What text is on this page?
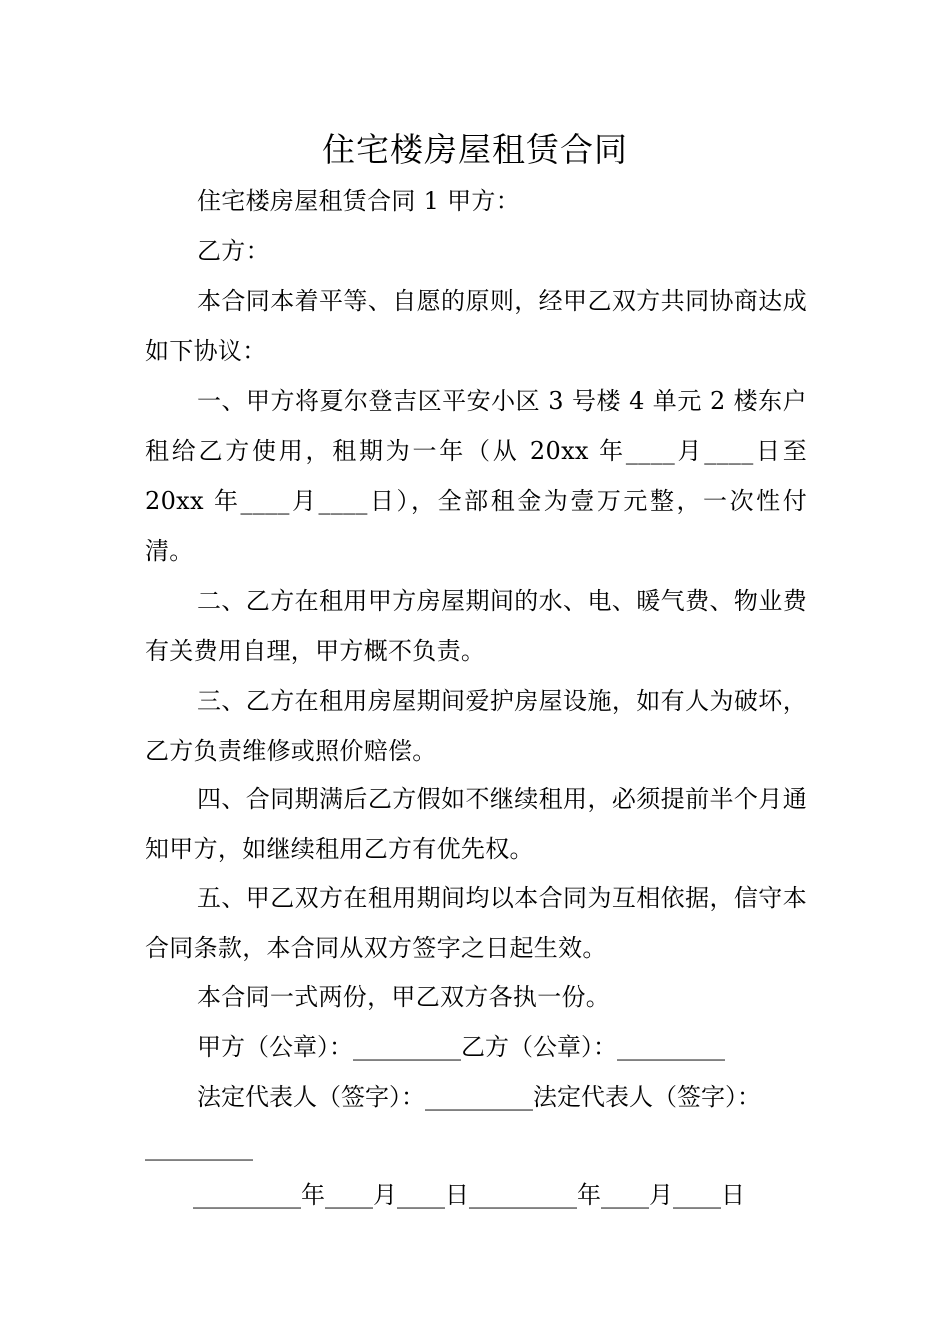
住宅楼房屋租赁合同
住宅楼房屋租赁合同 1 甲方：
乙方：
本合同本着平等、自愿的原则，经甲乙双方共同协商达成如下协议：
一、甲方将夏尔登吉区平安小区 3 号楼 4 单元 2 楼东户租给乙方使用，租期为一年（从 20xx 年____月____日至20xx 年____月____日），全部租金为壹万元整，一次性付清。
二、乙方在租用甲方房屋期间的水、电、暖气费、物业费有关费用自理，甲方概不负责。
三、乙方在租用房屋期间爱护房屋设施，如有人为破坏，乙方负责维修或照价赔偿。
四、合同期满后乙方假如不继续租用，必须提前半个月通知甲方，如继续租用乙方有优先权。
五、甲乙双方在租用期间均以本合同为互相依据，信守本合同条款，本合同从双方签字之日起生效。
本合同一式两份，甲乙双方各执一份。
甲方（公章）：_________乙方（公章）：_________
法定代表人（签字）：_________法定代表人（签字）：
_________
_________年____月____日_________年____月____日
